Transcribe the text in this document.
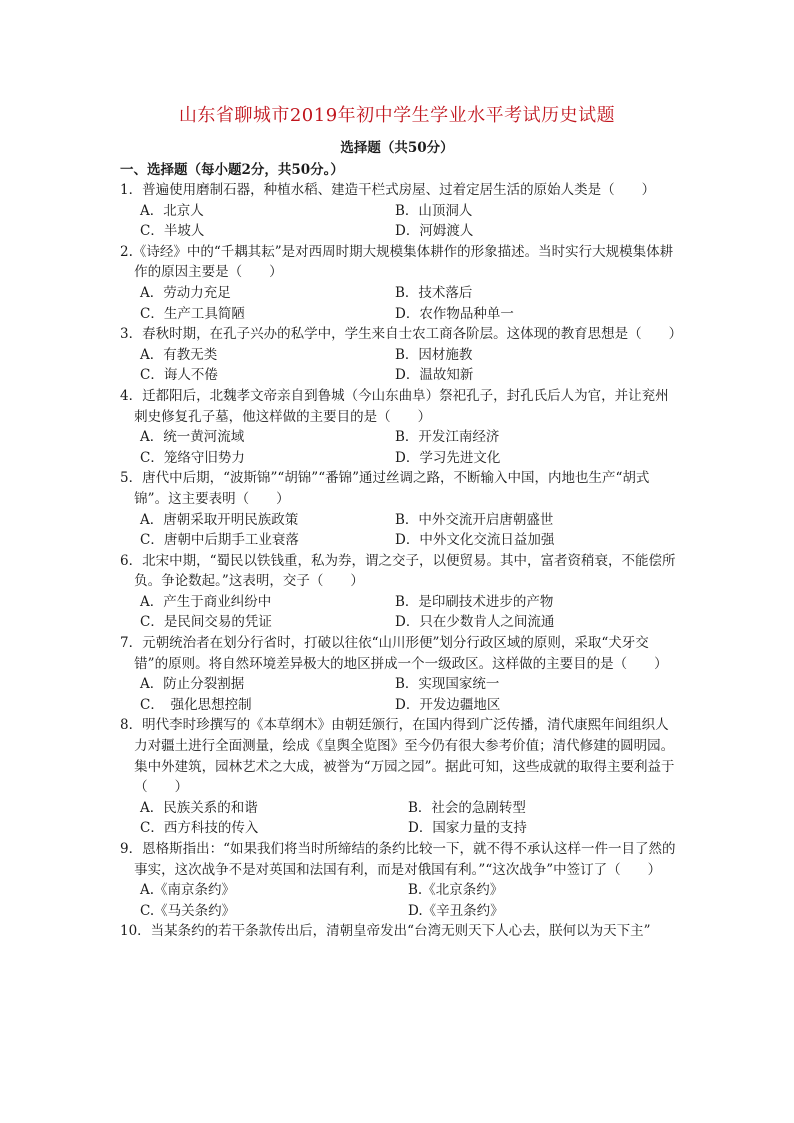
山东省聊城市2019年初中学生学业水平考试历史试题
选择题（共50分）
一、选择题（每小题2分，共50分。）
1．普遍使用磨制石器，种植水稻、建造干栏式房屋、过着定居生活的原始人类是（　　）
A．北京人	B．山顶洞人
C．半坡人	D．河姆渡人
2.《诗经》中的“千耦其耘”是对西周时期大规模集体耕作的形象描述。当时实行大规模集体耕作的原因主要是（　　）
A．劳动力充足	B．技术落后
C．生产工具简陋	D．农作物品种单一
3．春秋时期，在孔子兴办的私学中，学生来自士农工商各阶层。这体现的教育思想是（　　）
A．有教无类	B．因材施教
C．诲人不倦	D．温故知新
4．迁都阳后，北魏孝文帝亲自到鲁城（今山东曲阜）祭祀孔子，封孔氏后人为官，并让兖州刺史修复孔子墓，他这样做的主要目的是（　　）
A．统一黄河流域	B．开发江南经济
C．笼络守旧势力	D．学习先进文化
5．唐代中后期，“波斯锦”“胡锦”“番锦”通过丝调之路，不断输入中国，内地也生产“胡式锦”。这主要表明（　　）
A．唐朝采取开明民族政策	B．中外交流开启唐朝盛世
C．唐朝中后期手工业衰落	D．中外文化交流日益加强
6．北宋中期，“蜀民以铁钱重，私为券，谓之交子，以便贸易。其中，富者资稍衰，不能偿所负。争论数起。”这表明，交子（　　）
A．产生于商业纠纷中	B．是印刷技术进步的产物
C．是民间交易的凭证	D．只在少数肯人之间流通
7．元朝统治者在划分行省时，打破以往依“山川形便”划分行政区域的原则，采取“犬牙交错”的原则。将自然环境差异极大的地区拼成一个一级政区。这样做的主要目的是（　　）
A．防止分裂割据	B．实现国家统一
C．　强化思想控制	D．开发边疆地区
8．明代李时珍撰写的《本草纲木》由朝廷颁行，在国内得到广泛传播，清代康熙年间组织人力对疆土进行全面测量，绘成《皇舆全览图》至今仍有很大参考价值；清代修建的圆明园。集中外建筑，园林艺术之大成，被誉为“万园之园”。据此可知，这些成就的取得主要利益于（　　）
A．民族关系的和谐	B．社会的急剧转型
C．西方科技的传入	D．国家力量的支持
9．恩格斯指出：“如果我们将当时所缔结的条约比较一下，就不得不承认这样一件一目了然的事实，这次战争不是对英国和法国有利，而是对俄国有利。”“这次战争”中签订了（　　）
A.《南京条约》	B.《北京条约》
C.《马关条约》	D.《辛丑条约》
10．当某条约的若干条款传出后，清朝皇帝发出“台湾无则天下人心去，朕何以为天下主”
